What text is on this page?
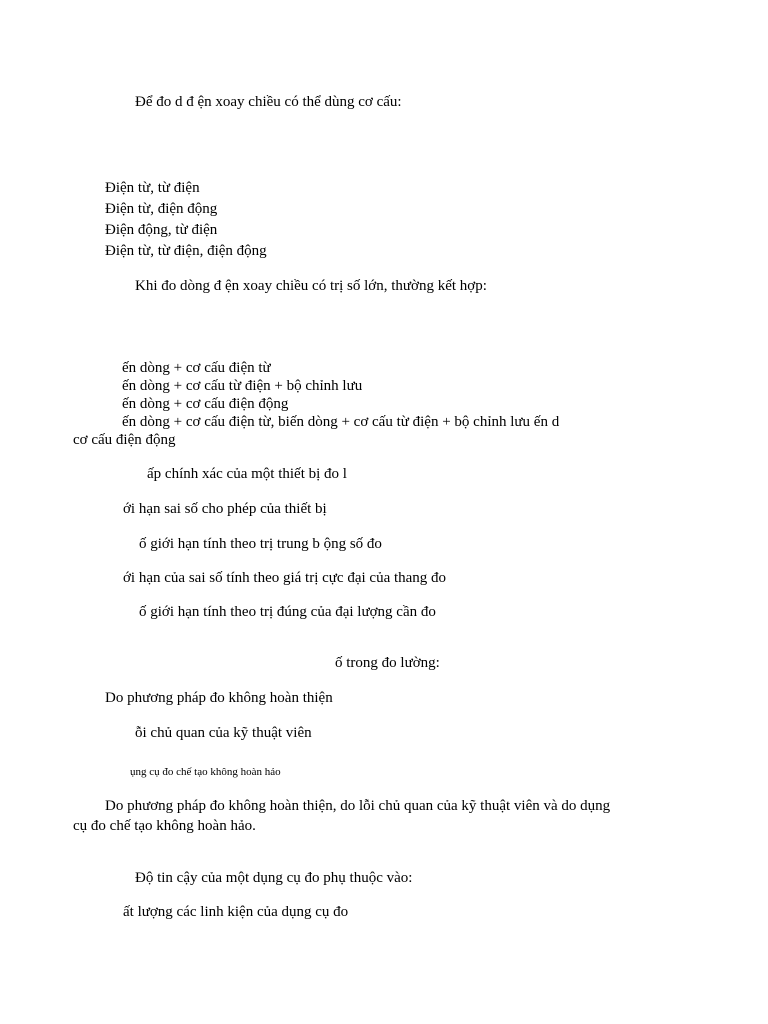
Để đo d đ ện xoay chiều có thể dùng cơ cấu:
Điện từ, từ điện
Điện từ, điện động
Điện động, từ điện
Điện từ, từ điện, điện động
Khi đo dòng đ ện xoay chiều có trị số lớn, thường kết hợp:
ến dòng + cơ cấu điện từ
ến dòng + cơ cấu từ điện + bộ chỉnh lưu
ến dòng + cơ cấu điện động
ến dòng + cơ cấu điện từ, biến dòng + cơ cấu từ điện + bộ chỉnh lưu ến d
cơ cấu điện động
ấp chính xác của một thiết bị đo l
ới hạn sai số cho phép của thiết bị
ố giới hạn tính theo trị trung b ộng số đo
ới hạn của sai số tính theo giá trị cực đại của thang đo
ố giới hạn tính theo trị đúng của đại lượng cần đo
ố trong đo lường:
Do phương pháp đo không hoàn thiện
ỗi chủ quan của kỹ thuật viên
ụng cụ đo chế tạo không hoàn hảo
Do phương pháp đo không hoàn thiện, do lỗi chủ quan của kỹ thuật viên và do dụng
cụ đo chế tạo không hoàn hảo.
Độ tin cậy của một dụng cụ đo phụ thuộc vào:
ất lượng các linh kiện của dụng cụ đo
